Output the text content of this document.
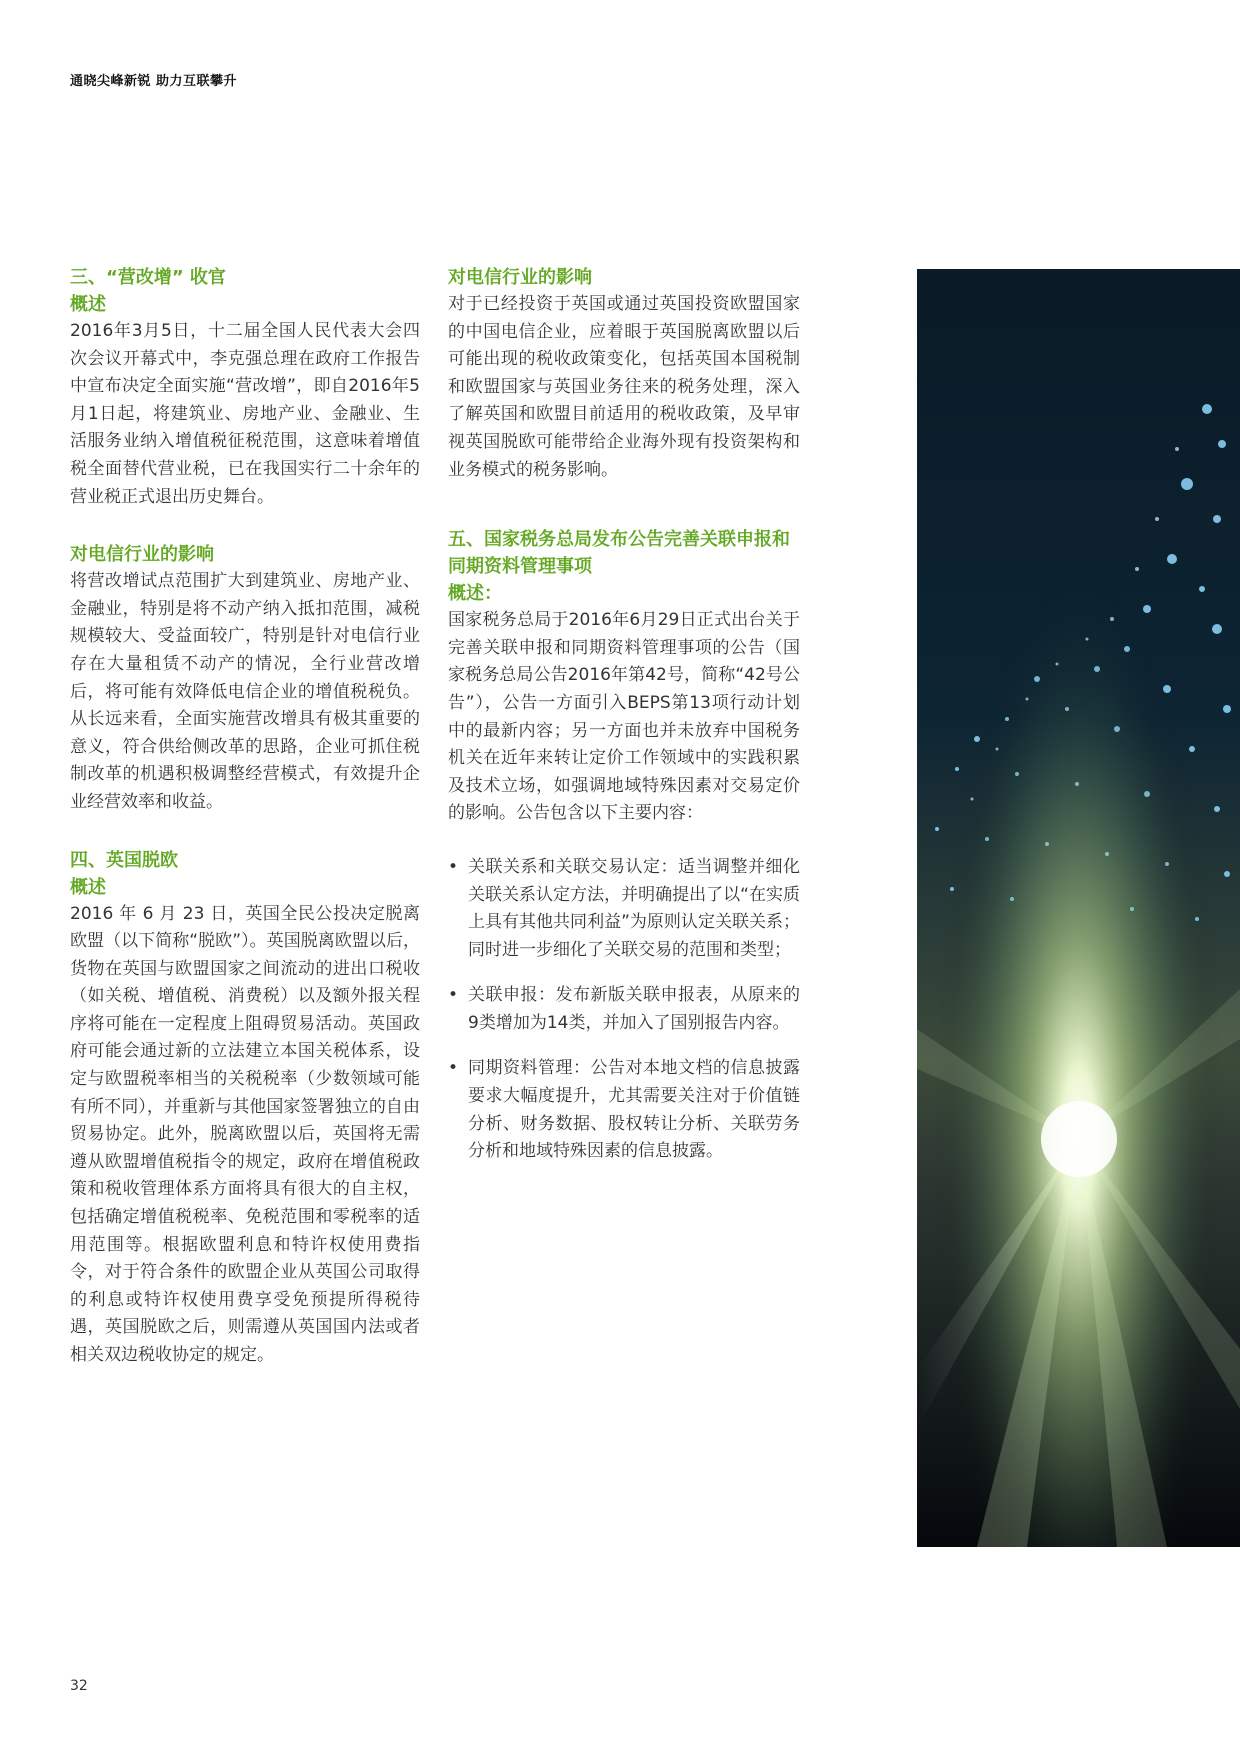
通晓尖峰新锐 助力互联攀升

三、“营改增” 收官

概述

2016年3月5日，十二届全国人民代表大会四次会议开幕式中，李克强总理在政府工作报告中宣布决定全面实施“营改增”，即自2016年5月1日起，将建筑业、房地产业、金融业、生活服务业纳入增值税征税范围，这意味着增值税全面替代营业税，已在我国实行二十余年的营业税正式退出历史舞台。

对电信行业的影响

将营改增试点范围扩大到建筑业、房地产业、金融业，特别是将不动产纳入抵扣范围，减税规模较大、受益面较广，特别是针对电信行业存在大量租赁不动产的情况，全行业营改增后，将可能有效降低电信企业的增值税税负。从长远来看，全面实施营改增具有极其重要的意义，符合供给侧改革的思路，企业可抓住税制改革的机遇积极调整经营模式，有效提升企业经营效率和收益。

四、英国脱欧

概述

2016 年 6 月 23 日，英国全民公投决定脱离欧盟（以下简称“脱欧”）。英国脱离欧盟以后，货物在英国与欧盟国家之间流动的进出口税收（如关税、增值税、消费税）以及额外报关程序将可能在一定程度上阻碍贸易活动。英国政府可能会通过新的立法建立本国关税体系，设定与欧盟税率相当的关税税率（少数领域可能有所不同），并重新与其他国家签署独立的自由贸易协定。此外，脱离欧盟以后，英国将无需遵从欧盟增值税指令的规定，政府在增值税政策和税收管理体系方面将具有很大的自主权，包括确定增值税税率、免税范围和零税率的适用范围等。根据欧盟利息和特许权使用费指令，对于符合条件的欧盟企业从英国公司取得的利息或特许权使用费享受免预提所得税待遇，英国脱欧之后，则需遵从英国国内法或者相关双边税收协定的规定。

对电信行业的影响

对于已经投资于英国或通过英国投资欧盟国家的中国电信企业，应着眼于英国脱离欧盟以后可能出现的税收政策变化，包括英国本国税制和欧盟国家与英国业务往来的税务处理，深入了解英国和欧盟目前适用的税收政策，及早审视英国脱欧可能带给企业海外现有投资架构和业务模式的税务影响。

五、国家税务总局发布公告完善关联申报和同期资料管理事项

概述：

国家税务总局于2016年6月29日正式出台关于完善关联申报和同期资料管理事项的公告（国家税务总局公告2016年第42号，简称“42号公告”），公告一方面引入BEPS第13项行动计划中的最新内容；另一方面也并未放弃中国税务机关在近年来转让定价工作领域中的实践积累及技术立场，如强调地域特殊因素对交易定价的影响。公告包含以下主要内容：

• 关联关系和关联交易认定：适当调整并细化关联关系认定方法，并明确提出了以“在实质上具有其他共同利益”为原则认定关联关系；同时进一步细化了关联交易的范围和类型；
• 关联申报：发布新版关联申报表，从原来的9类增加为14类，并加入了国别报告内容。
• 同期资料管理：公告对本地文档的信息披露要求大幅度提升，尤其需要关注对于价值链分析、财务数据、股权转让分析、关联劳务分析和地域特殊因素的信息披露。
32
